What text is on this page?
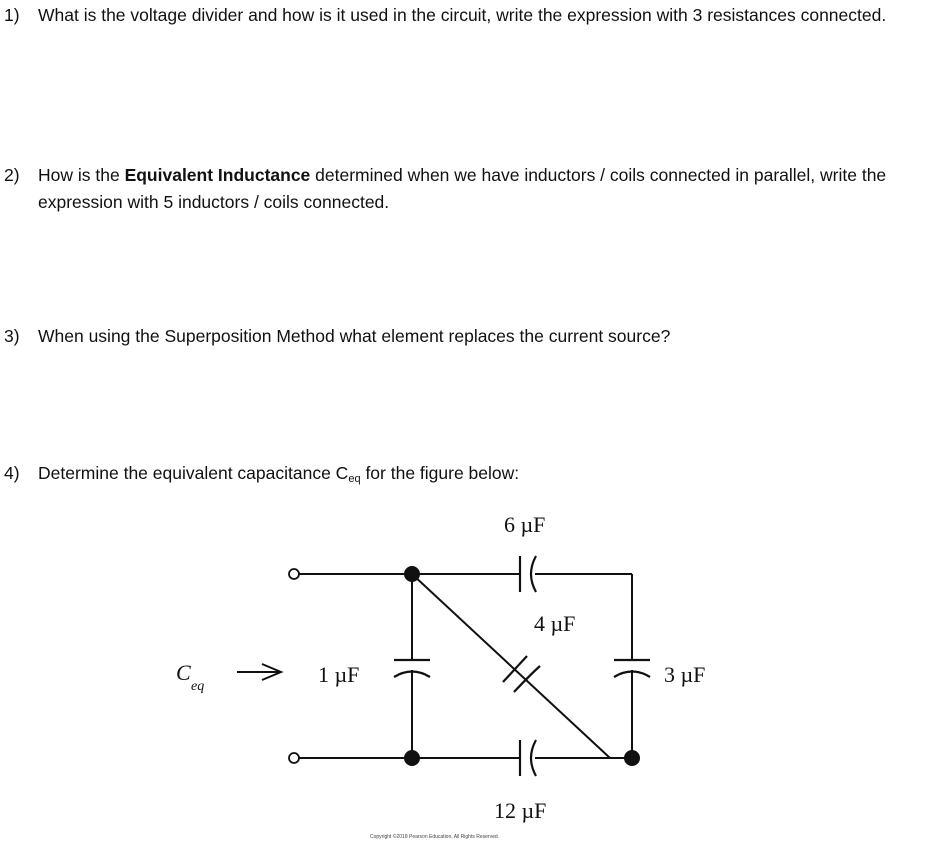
1) What is the voltage divider and how is it used in the circuit, write the expression with 3 resistances connected.
2) How is the Equivalent Inductance determined when we have inductors / coils connected in parallel, write the expression with 5 inductors / coils connected.
3) When using the Superposition Method what element replaces the current source?
4) Determine the equivalent capacitance $C_{eq}$ for the figure below:
6 µF
4 µF
1 µF	3 µF
12 µF
C
eq
Copyright ©2018 Pearson Education, All Rights Reserved.
